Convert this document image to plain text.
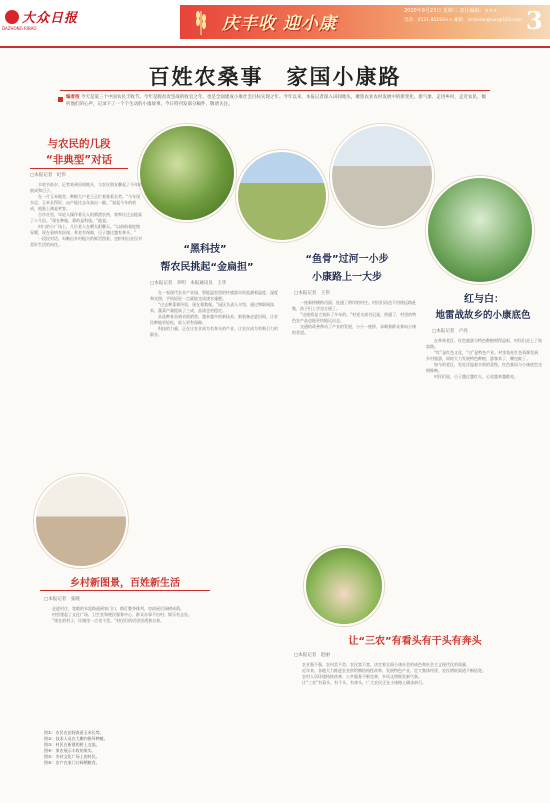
大众日报
DAZHONG RIBAO	庆丰收 迎小康
2020年9月23日 星期三 责任编辑：×××
电话：0531-85193×× 邮箱：dzrbxiangcun@163.com 3
百姓农桑事　家国小康路
编者按 今天是第三个中国农民丰收节。今年是脱贫攻坚战的收官之年，也是全面建成小康社会目标实现之年。今年以来，本报记者深入田间地头，聚焦农业农村发展中的新变化、新气象，走进乡村，走近农民，倾听他们的心声，记录下了一个个生动的小康故事。今日特刊发部分稿件，敬请关注。
与农民的几段
“非典型”对话
□本报记者　纪伟

丰收节前夕，记者来到田间地头，与农民朋友聊起了今年的收成和日子。

在一片玉米地旁，种粮大户老王正忙着查看长势。“今年雨水足，玉米长得好，亩产能比去年高出一截。”说起今年的收成，他脸上满是笑容。

合作社里，年轻人操作着无人机喷洒农药，效率比过去提高了十几倍。“现在种地，靠的是科技。”他说。

村口的小广场上，几位老人在晒太阳聊天。“以前盼着吃饱穿暖，现在看病有医保，养老有保障，日子越过越有奔头。”

一段段对话，勾勒出乡村振兴的鲜活图景，也折射出农民对美好生活的向往。	“黑科技”
帮农民挑起“金扁担”
□本报记者　李明　本报通讯员　王华

在一家现代农业产业园，智能温室里的传感器实时监测着温度、湿度和光照，手机轻轻一点就能完成浇水施肥。

“过去种菜靠经验，现在靠数据。”园区负责人介绍，通过物联网技术，蔬菜产量提高了三成，品质也更稳定。

从选种育苗到采收销售，越来越多的新技术、新装备走进田间，让农民种地更轻松、收入更有保障。

科技的力量，正在让农业成为有奔头的产业，让农民成为有吸引力的职业。

“鱼骨”过河一小步
小康路上一大步
□本报记者　王伟

一座新桥横跨河面，连通了两岸的村庄。村民们再也不用绕远路赶集，孩子们上学也方便了。

“这座桥是大家盼了多年的。”村党支部书记说，桥通了，村里的特色农产品也能更快地运出去。

交通的改善带动了产业的发展，小小一座桥，承载着群众奔向小康的希望。

红与白：
地雷战故乡的小康底色
□本报记者　卢亮

在革命老区，红色旅游与特色种植相得益彰，村民们走上了致富路。

“红”是红色文化，“白”是特色产业。村里依托红色资源发展乡村旅游，同时大力发展特色种植，游客来了，腰包鼓了。

如今的老区，处处洋溢着丰收的喜悦，红色基因与小康底色交相辉映。

村民们说，日子越过越红火，心里越来越敞亮。

乡村新图景，百姓新生活
□本报记者　张晓

走进村庄，宽敞的水泥路通到家门口，路灯整齐排列，房前屋后绿树成荫。

村里建起了文化广场、卫生室和便民服务中心，群众办事不出村，娱乐有去处。

“现在的村子，比城里一点也不差。”村民们的话语里透着自豪。

让“三农”有看头有干头有奔头
□本报记者　赵丽

农业强不强、农村美不美、农民富不富，决定着全面小康社会的成色和社会主义现代化的质量。

近年来，各地大力推进农业供给侧结构性改革，发展特色产业，壮大集体经济，农民增收渠道不断拓宽。

农村人居环境持续改善，公共服务不断完善，乡风文明焕发新气象。

让“三农”有看头、有干头、有奔头，广大农民正在小康路上阔步前行。

图①：农民在田间查看玉米长势。
图②：技术人员在大棚内指导种植。
图③：村民在新建的桥上交流。
图④：果农展示丰收的果实。
图⑤：乡村文化广场上的村民。
图⑥：农户在家门口晾晒粮食。
